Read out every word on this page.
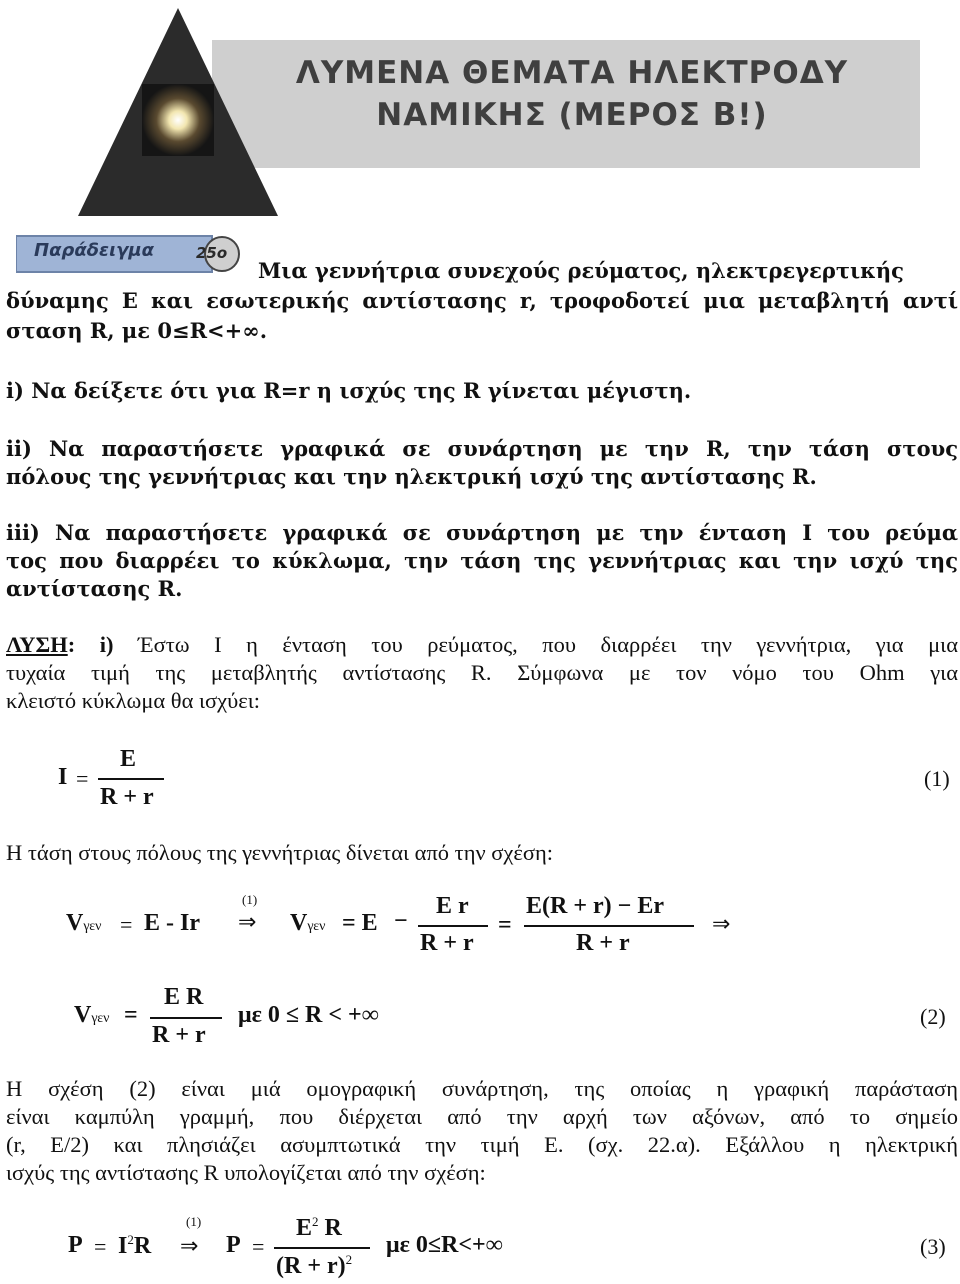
ΛΥΜΕΝΑ ΘΕΜΑΤΑ ΗΛΕΚΤΡΟΔΥ
ΝΑΜΙΚΗΣ (ΜΕΡΟΣ Β!)
Παράδειγμα	25ο
Μια γεννήτρια συνεχούς ρεύματος, ηλεκτρεγερτικής
δύναμης Ε και εσωτερικής αντίστασης r, τροφοδοτεί μια μεταβλητή αντί
σταση R, με 0≤R<+∞.
i) Να δείξετε ότι για R=r η ισχύς της R γίνεται μέγιστη.
ii) Να παραστήσετε γραφικά σε συνάρτηση με την R, την τάση στους
πόλους της γεννήτριας και την ηλεκτρική ισχύ της αντίστασης R.
iii) Να παραστήσετε γραφικά σε συνάρτηση με την ένταση Ι του ρεύμα
τος που διαρρέει το κύκλωμα, την τάση της γεννήτριας και την ισχύ της
αντίστασης R.
ΛΥΣΗ: i) Έστω Ι η ένταση του ρεύματος, που διαρρέει την γεννήτρια, για μια
τυχαία τιμή της μεταβλητής αντίστασης R. Σύμφωνα με τον νόμο του Ohm για
κλειστό κύκλωμα θα ισχύει:
I =
E
R + r
(1)
Η τάση στους πόλους της γεννήτριας δίνεται από την σχέση:
Vγεν = E - Ir
(1)
⇒ Vγεν = E −
E r
R + r
=
E(R + r) − Er
R + r
⇒
Vγεν =
E R
R + r
με 0 ≤ R < +∞	(2)
Η σχέση (2) είναι μιά ομογραφική συνάρτηση, της οποίας η γραφική παράσταση
είναι καμπύλη γραμμή, που διέρχεται από την αρχή των αξόνων, από το σημείο
(r, Ε/2) και πλησιάζει ασυμπτωτικά την τιμή Ε. (σχ. 22.α). Εξάλλου η ηλεκτρική
ισχύς της αντίστασης R υπολογίζεται από την σχέση:
$P = I^2R$
(1)
⇒ P =
$E^2$ R
$(R + r)^2$
με 0≤R<+∞	(3)
